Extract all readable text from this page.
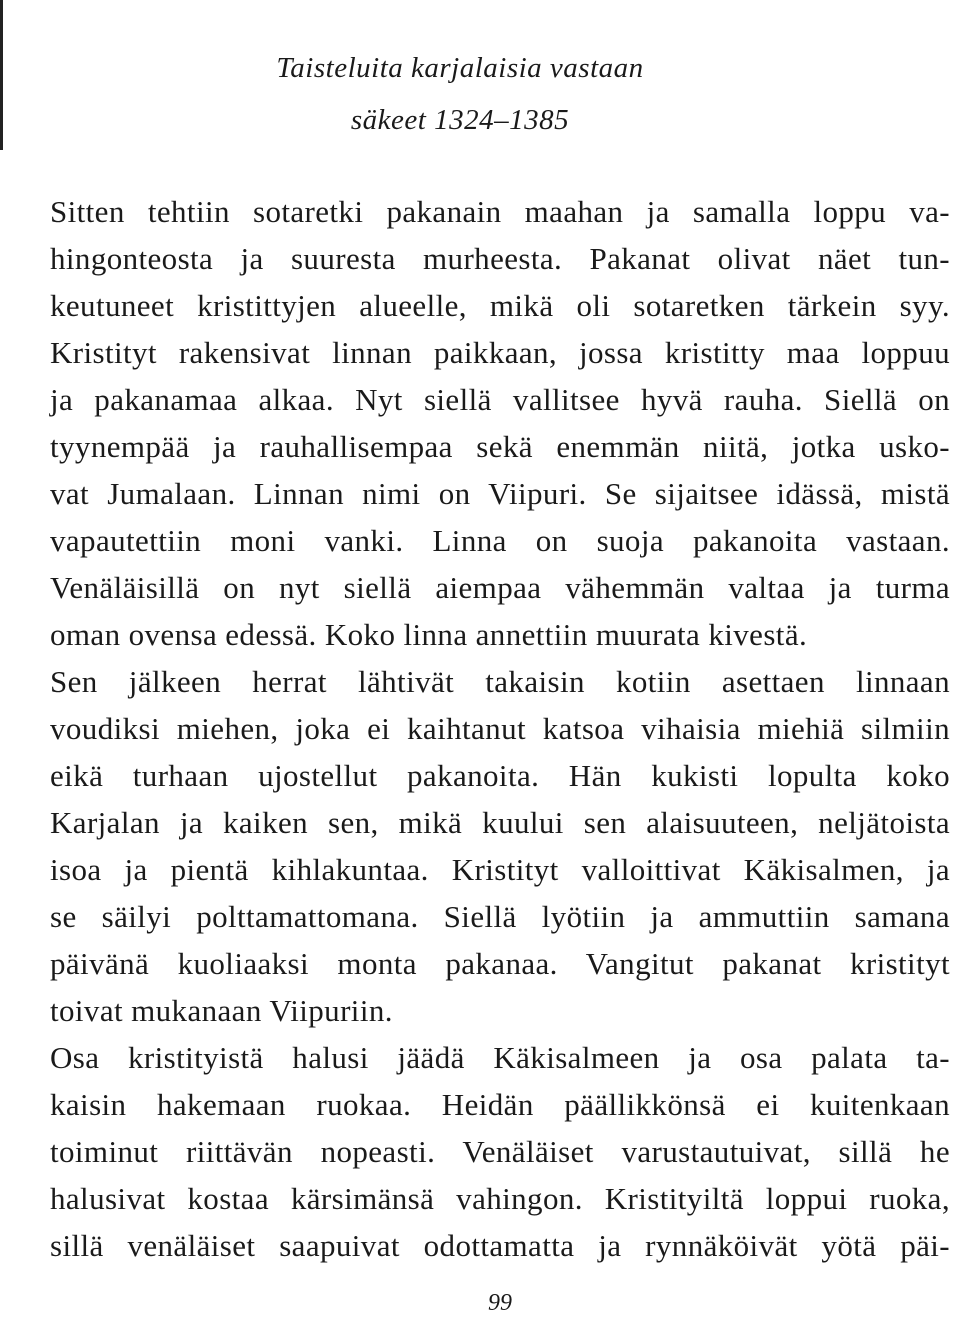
Taisteluita karjalaisia vastaan
säkeet 1324–1385
Sitten tehtiin sotaretki pakanain maahan ja samalla loppu va-
hingonteosta ja suuresta murheesta. Pakanat olivat näet tun-
keutuneet kristittyjen alueelle, mikä oli sotaretken tärkein syy.
Kristityt rakensivat linnan paikkaan, jossa kristitty maa loppuu
ja pakanamaa alkaa. Nyt siellä vallitsee hyvä rauha. Siellä on
tyynempää ja rauhallisempaa sekä enemmän niitä, jotka usko-
vat Jumalaan. Linnan nimi on Viipuri. Se sijaitsee idässä, mistä
vapautettiin moni vanki. Linna on suoja pakanoita vastaan.
Venäläisillä on nyt siellä aiempaa vähemmän valtaa ja turma
oman ovensa edessä. Koko linna annettiin muurata kivestä.
Sen jälkeen herrat lähtivät takaisin kotiin asettaen linnaan
voudiksi miehen, joka ei kaihtanut katsoa vihaisia miehiä silmiin
eikä turhaan ujostellut pakanoita. Hän kukisti lopulta koko
Karjalan ja kaiken sen, mikä kuului sen alaisuuteen, neljätoista
isoa ja pientä kihlakuntaa. Kristityt valloittivat Käkisalmen, ja
se säilyi polttamattomana. Siellä lyötiin ja ammuttiin samana
päivänä kuoliaaksi monta pakanaa. Vangitut pakanat kristityt
toivat mukanaan Viipuriin.
Osa kristityistä halusi jäädä Käkisalmeen ja osa palata ta-
kaisin hakemaan ruokaa. Heidän päällikkönsä ei kuitenkaan
toiminut riittävän nopeasti. Venäläiset varustautuivat, sillä he
halusivat kostaa kärsimänsä vahingon. Kristityiltä loppui ruoka,
sillä venäläiset saapuivat odottamatta ja rynnäköivät yötä päi-
99
